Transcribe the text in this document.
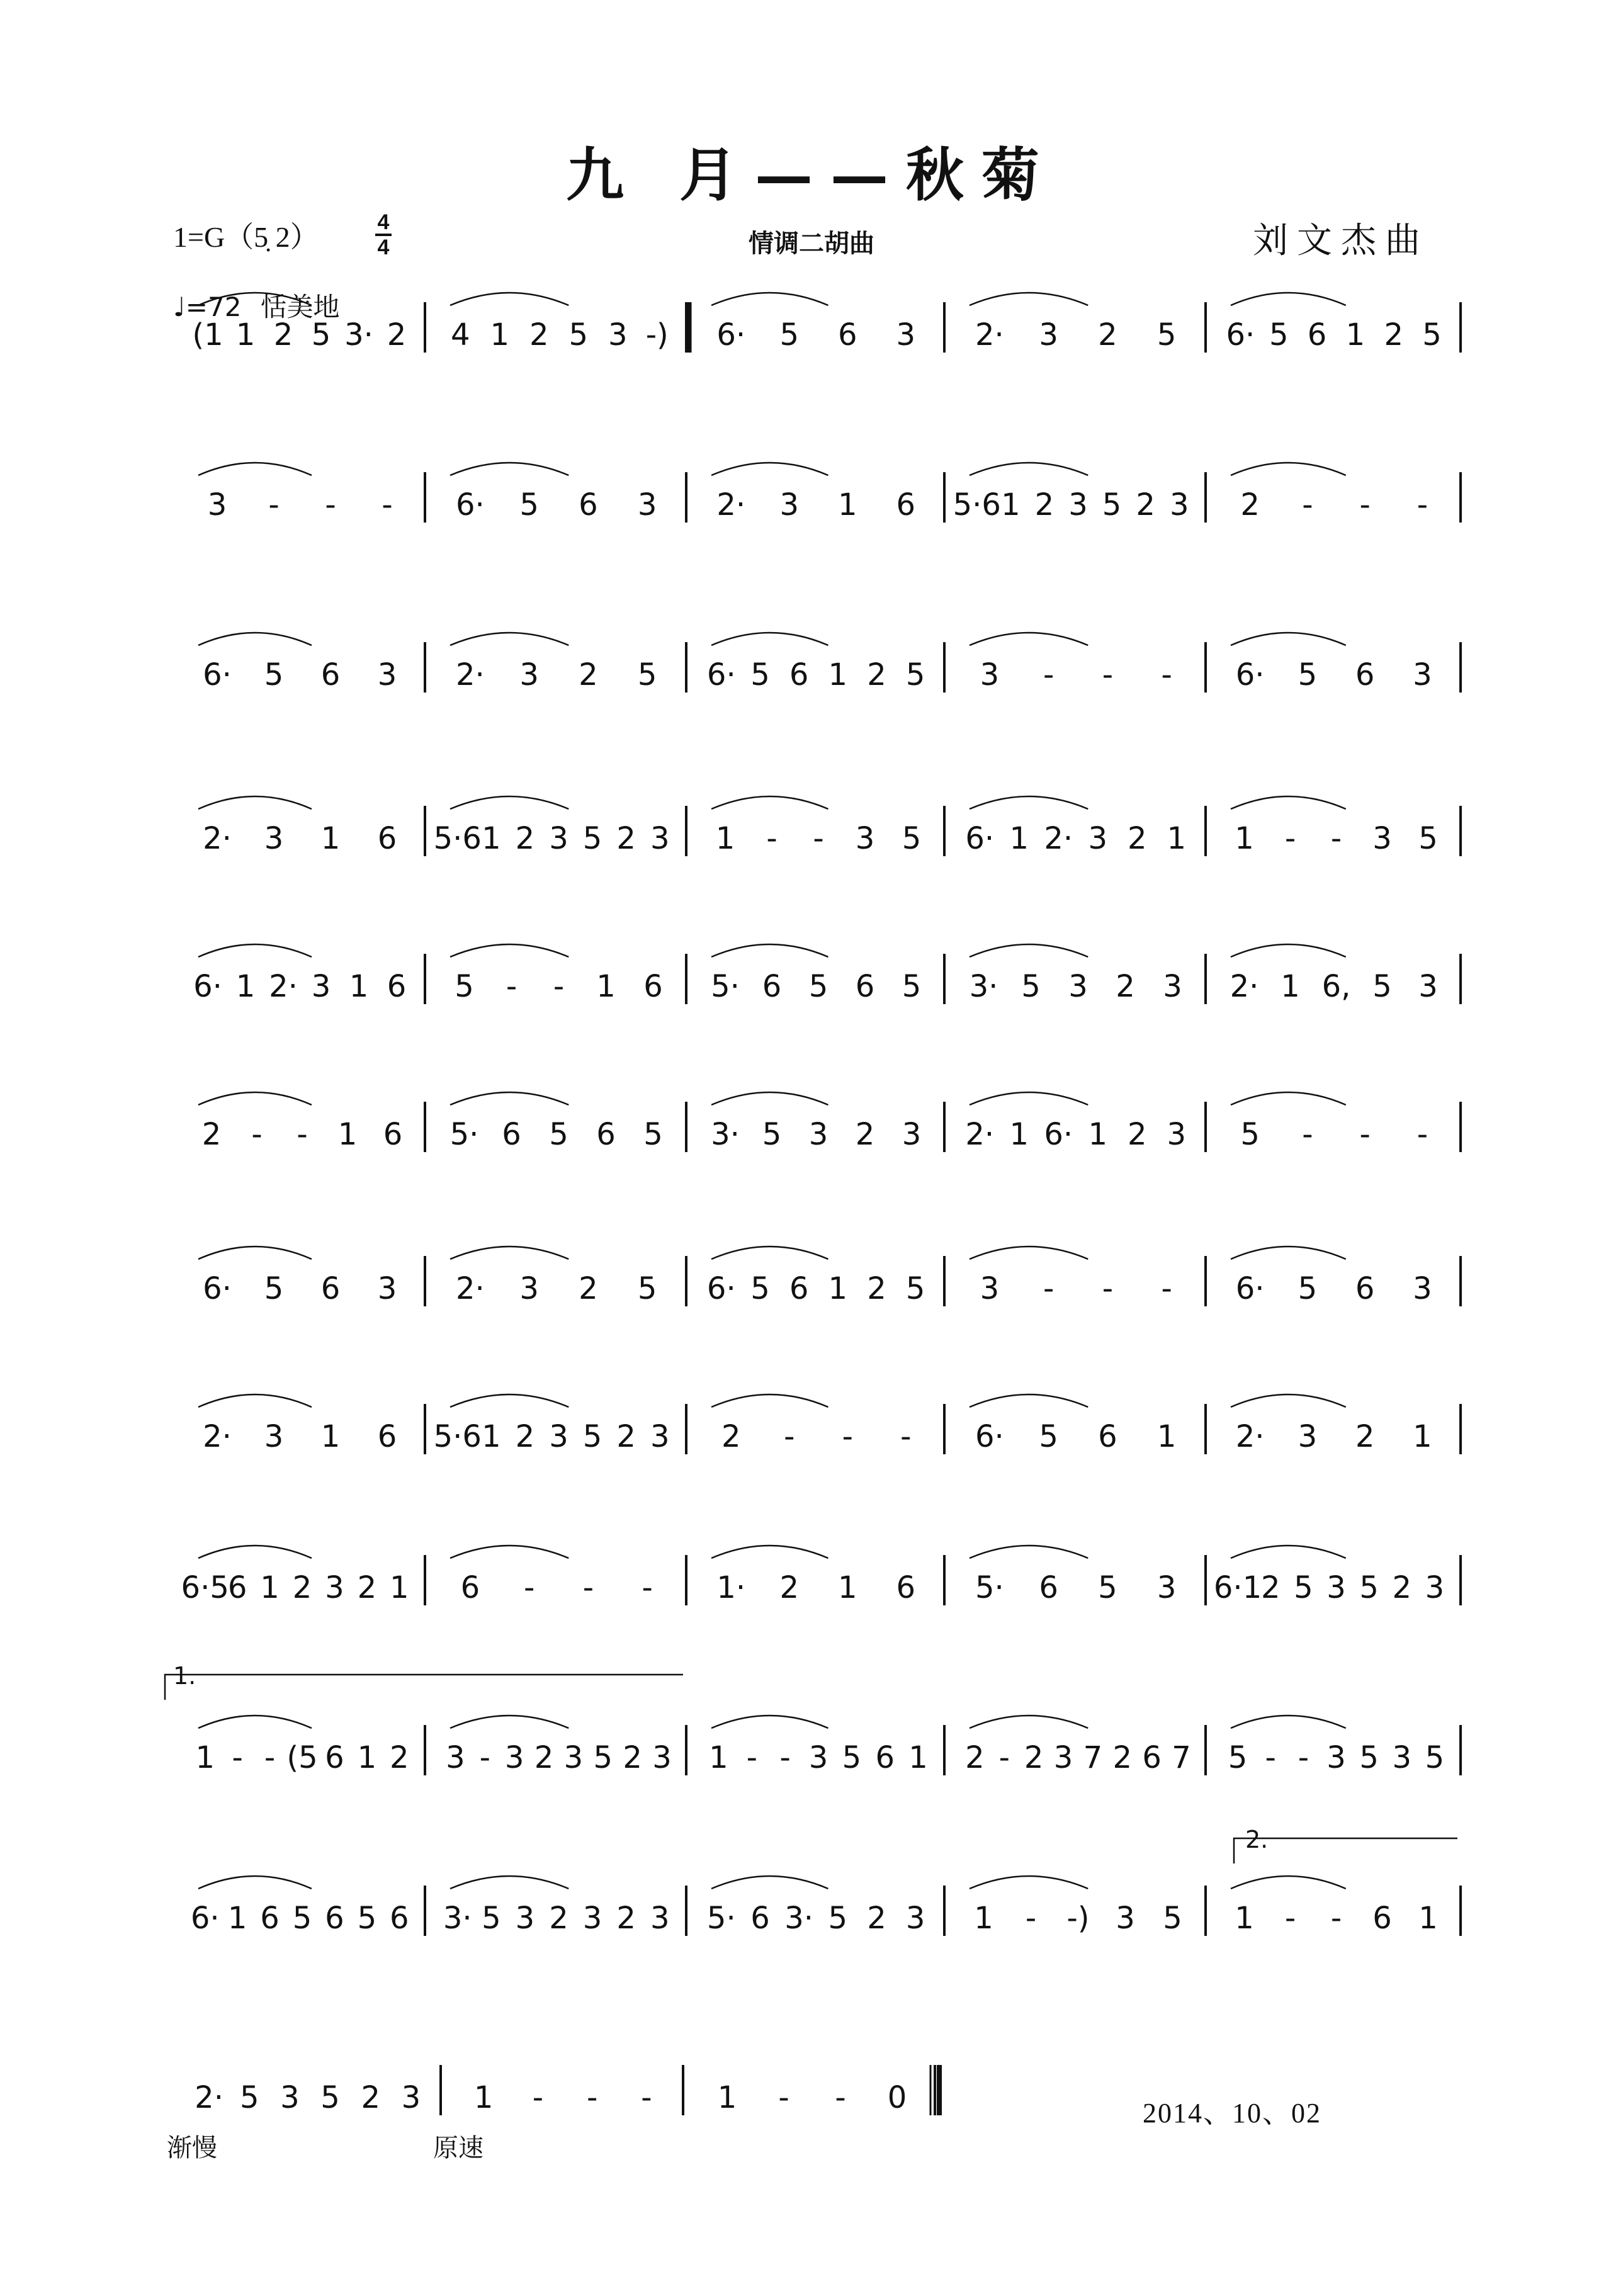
九 月——秋菊
1=G（5̣ 2）	4
4	情调二胡曲	刘文杰曲
♩=72 恬美地
(1 1 2 5 3· 2 4 1 2 5 3 -) 6· 5 6 3 2· 3 2 5 6· 5 6 1 2 5
3 - - - 6· 5 6 3 2· 3 1 6 5·6 1 2 3 5 2 3 2 - - -
6· 5 6 3 2· 3 2 5 6· 5 6 1 2 5 3 - - - 6· 5 6 3
2· 3 1 6 5·6 1 2 3 5 2 3 1 - - 3 5 6· 1 2· 3 2 1 1 - - 3 5
6· 1 2· 3 1 6 5 - - 1 6 5· 6 5 6 5 3· 5 3 2 3 2· 1 6, 5 3
2 - - 1 6 5· 6 5 6 5 3· 5 3 2 3 2· 1 6· 1 2 3 5 - - -
6· 5 6 3 2· 3 2 5 6· 5 6 1 2 5 3 - - - 6· 5 6 3
2· 3 1 6 5·6 1 2 3 5 2 3 2 - - - 6· 5 6 1 2· 3 2 1
6·5
6 1 2 3 2 1 6 - - - 1· 2 1 6 5· 6 5 3 6·1
2 5 3 5 2 3
1 - - (5 6 1 2 3 - 3 2 3 5 2 3 1 - - 3 5 6 1 2 - 2 3 7 2 6 7 5 - - 3 5 3 5
6· 1 6 5 6 5 6 3· 5 3 2 3 2 3 5· 6 3· 5 2 3 1 - -) 3 5 1 - - 6 1
2· 5 3 5 2 3 1 - - - 1 - - 0
1.
2.
渐慢	原速
2014、10、02
